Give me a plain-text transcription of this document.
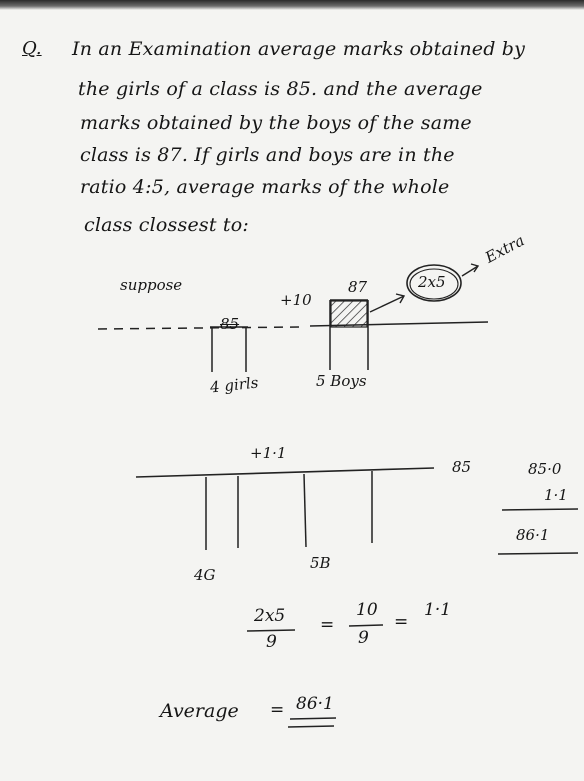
Q. In an Examination average marks obtained by
the girls of a class is 85. and the average
marks obtained by the boys of the same
class is 87. If girls and boys are in the
ratio 4:5, average marks of the whole
class clossest to:
suppose
+10
85
87	2x5
Extra
4 girls	5 Boys
+1·1
85
4G
5B
85·0
1·1
86·1
2x5
9
=
10
9
=
1·1
Average = 86·1
